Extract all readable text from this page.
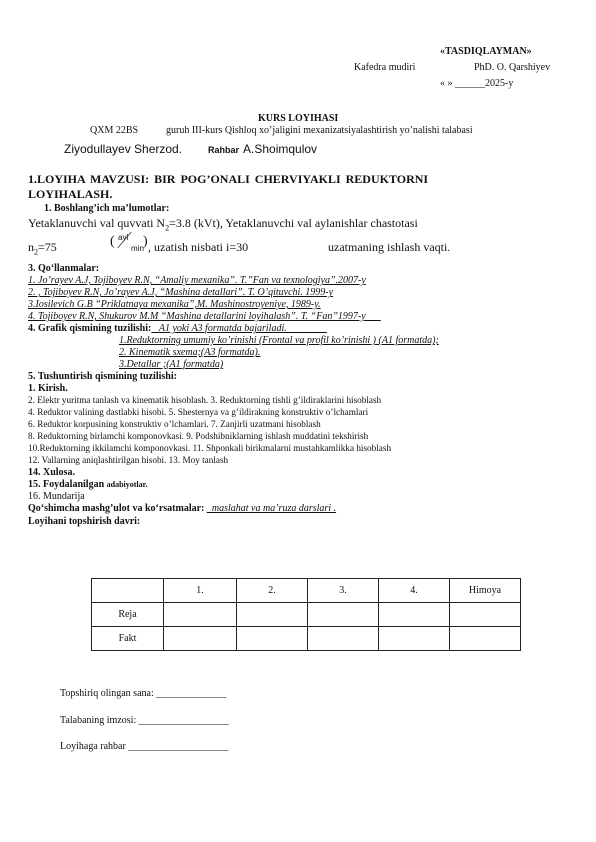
«TASDIQLAYMAN»
Kafedra mudiri	PhD. O. Qarshiyev
« » ______2025-y
KURS LOYIHASI
QXM 22BS	guruh III-kurs Qishloq xo’jaligini mexanizatsiyalashtirish yo’nalishi talabasi
Ziyodullayev Sherzod.	Rahbar A.Shoimqulov
1.LOYIHA MAVZUSI: BIR POG’ONALI CHERVIYAKLI REDUKTORNI
LOYIHALASH.
1. Boshlang’ich ma’lumotlar:
Yetaklanuvchi val quvvati $N_2=3.8$ (kVt), Yetaklanuvchi val aylanishlar chastotasi
$n_2=75$	( ayl
min ) , uzatish nisbati i=30	uzatmaning ishlash vaqti.
3. Qo‘llanmalar:
1. Jo’rayev A.J, Tojiboyev R.N, “Amaliy mexanika”. T.”Fan va texnologiya”.2007-y
2. , Tojiboyev R.N, Jo’rayev A.J, “Mashina detallari”. T. O’qituvchi. 1999-y
3.Iosilevich G.B “Priklatnaya mexanika”,M. Mashinostroyeniye, 1989-y.
4. Tojiboyev R.N, Shukurov M.M “Mashina detallarini loyihalash”. T. “Fan”1997-y___
4. Grafik qismining tuzilishi: _A1 yoki A3 formatda bajariladi.________
1.Reduktorning umumiy ko’rinishi (Frontal va profil ko’rinishi ) (A1 formatda);
2. Kinematik sxema;(A3 formatda).
3.Detallar ;(A1 formatda)
5. Tushuntirish qismining tuzilishi:
1. Kirish.
2. Elektr yuritma tanlash va kinematik hisoblash. 3. Reduktorning tishli g’ildiraklarini hisoblash
4. Reduktor valining dastlabki hisobi. 5. Shesternya va g’ildirakning konstruktiv o’lchamlari
6. Reduktor korpusining konstruktiv o’lchamlari. 7. Zanjirli uzatmani hisoblash
8. Reduktorning birlamchi komponovkasi. 9. Podshibniklarning ishlash muddatini tekshirish
10.Reduktorning ikkilamchi komponovkasi. 11. Shponkali birikmalarni mustahkamlikka hisoblash
12. Vallarning aniqlashtirilgan hisobi. 13. Moy tanlash
14. Xulosa.
15. Foydalanilgan adabiyotlar.
16. Mundarija
Qo‘shimcha mashg’ulot va ko‘rsatmalar: _maslahat va ma’ruza darslari .
Loyihani topshirish davri:
	1.	2.	3.	4.	Himoya
Reja					
Fakt					
Topshiriq olingan sana: ______________
Talabaning imzosi: __________________
Loyihaga rahbar ____________________
